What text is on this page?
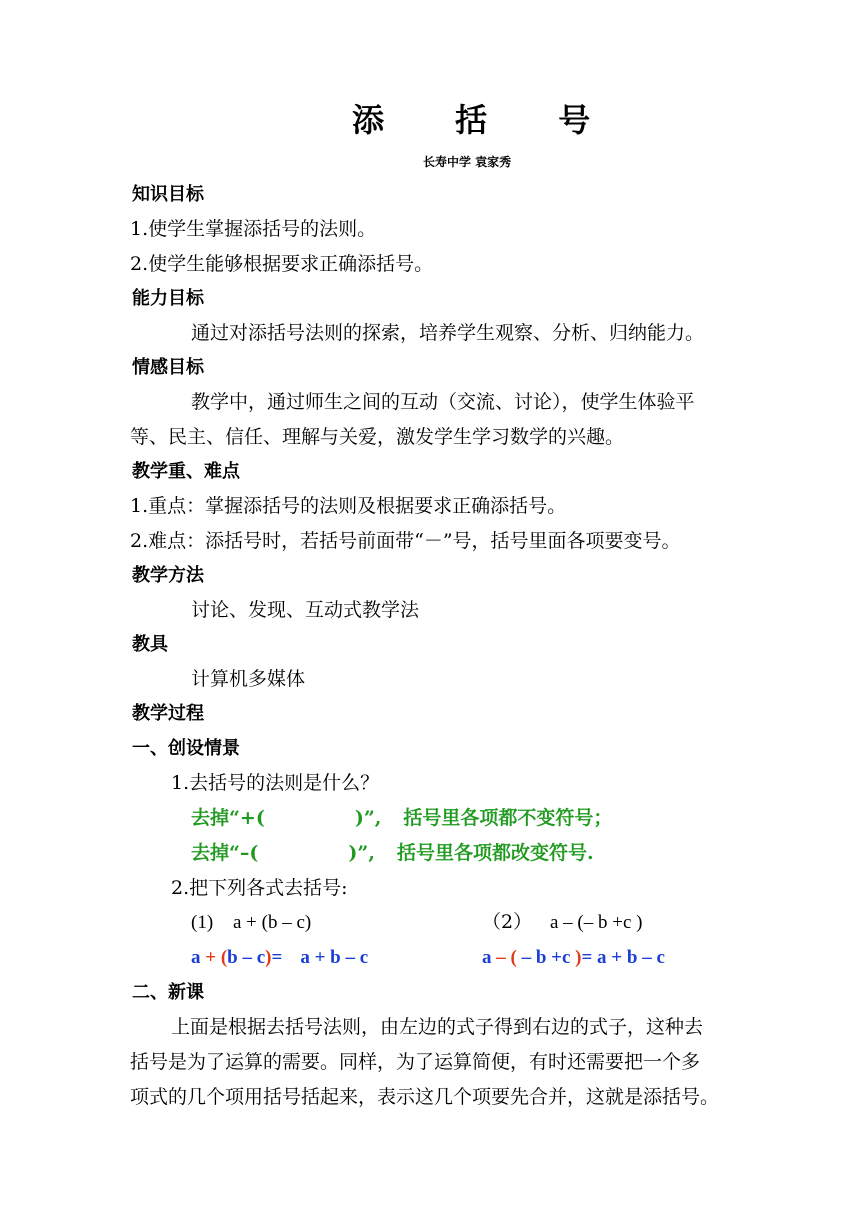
添 括 号
长寿中学 袁家秀
知识目标
1.使学生掌握添括号的法则。
2.使学生能够根据要求正确添括号。
能力目标
通过对添括号法则的探索，培养学生观察、分析、归纳能力。
情感目标
教学中，通过师生之间的互动（交流、讨论），使学生体验平
等、民主、信任、理解与关爱，激发学生学习数学的兴趣。
教学重、难点
1.重点：掌握添括号的法则及根据要求正确添括号。
2.难点：添括号时，若括号前面带“－”号，括号里面各项要变号。
教学方法
讨论、发现、互动式教学法
教具
计算机多媒体
教学过程
一、创设情景
1.去括号的法则是什么？
去掉“+(	)”, 括号里各项都不变符号；
去掉“–(	)”, 括号里各项都改变符号.
2.把下列各式去括号:
(1) a + (b – c)	（2） a – (– b +c )
a + (b – c)= a + b – c	a – ( – b +c )= a + b – c
二、新课
上面是根据去括号法则，由左边的式子得到右边的式子，这种去
括号是为了运算的需要。同样，为了运算简便，有时还需要把一个多
项式的几个项用括号括起来，表示这几个项要先合并，这就是添括号。
